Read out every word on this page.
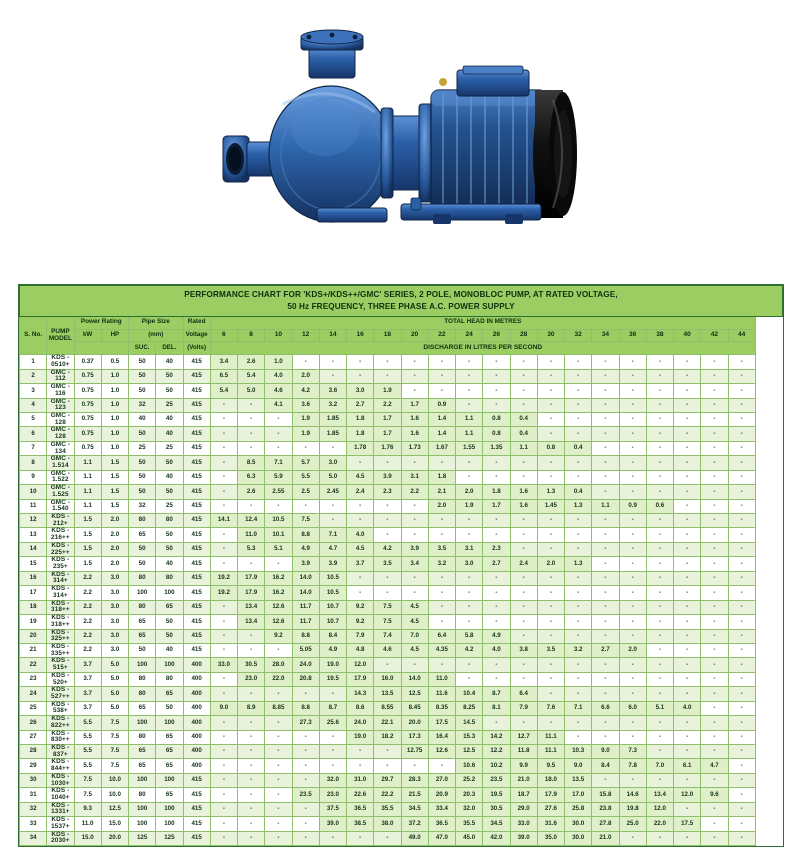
PERFORMANCE CHART FOR 'KDS+/KDS++/GMC' SERIES, 2 POLE, MONOBLOC PUMP, AT RATED VOLTAGE,
50 Hz FREQUENCY, THREE PHASE A.C. POWER SUPPLY																										
S. No.	PUMP MODEL	Power Rating		Pipe Size		Rated	TOTAL HEAD IN METRES																			
		kW	HP	(mm)		Voltage	6	8	10	12	14	16	18	20	22	24	26	28	30	32	34	36	38	40	42	44
				SUC.	DEL.	(Volts)	DISCHARGE IN LITRES PER SECOND																			
1	KDS - 0510+	0.37	0.5	50	40	415	3.4	2.6	1.0	-	-	-	-	-	-	-	-	-	-	-	-	-	-	-	-	-
2	GMC - 112	0.75	1.0	50	50	415	6.5	5.4	4.0	2.0	-	-	-	-	-	-	-	-	-	-	-	-	-	-	-	-
3	GMC - 116	0.75	1.0	50	50	415	5.4	5.0	4.6	4.2	3.6	3.0	1.9	-	-	-	-	-	-	-	-	-	-	-	-	-
4	GMC - 123	0.75	1.0	32	25	415	-	-	4.1	3.6	3.2	2.7	2.2	1.7	0.9	-	-	-	-	-	-	-	-	-	-	-
5	GMC - 128	0.75	1.0	40	40	415	-	-	-	1.9	1.85	1.8	1.7	1.6	1.4	1.1	0.8	0.4	-	-	-	-	-	-	-	-
6	GMC - 128	0.75	1.0	50	40	415	-	-	-	1.9	1.85	1.8	1.7	1.6	1.4	1.1	0.8	0.4	-	-	-	-	-	-	-	-
7	GMC - 134	0.75	1.0	25	25	415	-	-	-	-	-	1.78	1.76	1.73	1.67	1.55	1.35	1.1	0.8	0.4	-	-	-	-	-	-
8	GMC - 1.514	1.1	1.5	50	50	415	-	8.5	7.1	5.7	3.0	-	-	-	-	-	-	-	-	-	-	-	-	-	-	-
9	GMC - 1.522	1.1	1.5	50	40	415	-	6.3	5.9	5.5	5.0	4.5	3.9	3.1	1.8	-	-	-	-	-	-	-	-	-	-	-
10	GMC - 1.525	1.1	1.5	50	50	415	-	2.6	2.55	2.5	2.45	2.4	2.3	2.2	2.1	2.0	1.8	1.6	1.3	0.4	-	-	-	-	-	-
11	GMC - 1.540	1.1	1.5	32	25	415	-	-	-	-	-	-	-	-	2.0	1.9	1.7	1.6	1.45	1.3	1.1	0.9	0.6	-	-	-
12	KDS - 212+	1.5	2.0	80	80	415	14.1	12.4	10.5	7.5	-	-	-	-	-	-	-	-	-	-	-	-	-	-	-	-
13	KDS - 216++	1.5	2.0	65	50	415	-	11.0	10.1	8.8	7.1	4.0	-	-	-	-	-	-	-	-	-	-	-	-	-	-
14	KDS - 225++	1.5	2.0	50	50	415	-	5.3	5.1	4.9	4.7	4.5	4.2	3.9	3.5	3.1	2.3	-	-	-	-	-	-	-	-	-
15	KDS - 235+	1.5	2.0	50	40	415	-	-	-	3.9	3.9	3.7	3.5	3.4	3.2	3.0	2.7	2.4	2.0	1.3	-	-	-	-	-	-
16	KDS - 314+	2.2	3.0	80	80	415	19.2	17.9	16.2	14.0	10.5	-	-	-	-	-	-	-	-	-	-	-	-	-	-	-
17	KDS - 314+	2.2	3.0	100	100	415	19.2	17.9	16.2	14.0	10.5	-	-	-	-	-	-	-	-	-	-	-	-	-	-	-
18	KDS - 318++	2.2	3.0	80	65	415	-	13.4	12.6	11.7	10.7	9.2	7.5	4.5	-	-	-	-	-	-	-	-	-	-	-	-
19	KDS - 318++	2.2	3.0	65	50	415	-	13.4	12.6	11.7	10.7	9.2	7.5	4.5	-	-	-	-	-	-	-	-	-	-	-	-
20	KDS - 325++	2.2	3.0	65	50	415	-	-	9.2	8.8	8.4	7.9	7.4	7.0	6.4	5.8	4.9	-	-	-	-	-	-	-	-	-
21	KDS - 335++	2.2	3.0	50	40	415	-	-	-	5.05	4.9	4.8	4.6	4.5	4.35	4.2	4.0	3.8	3.5	3.2	2.7	2.0	-	-	-	-
22	KDS - 515+	3.7	5.0	100	100	400	33.0	30.5	28.0	24.0	19.0	12.0	-	-	-	-	-	-	-	-	-	-	-	-	-	-
23	KDS - 520+	3.7	5.0	80	80	400	-	23.0	22.0	20.8	19.5	17.9	16.0	14.0	11.0	-	-	-	-	-	-	-	-	-	-	-
24	KDS - 527++	3.7	5.0	80	65	400	-	-	-	-	-	14.3	13.5	12.5	11.6	10.4	8.7	6.4	-	-	-	-	-	-	-	-
25	KDS - 538+	3.7	5.0	65	50	400	9.0	8.9	8.85	8.8	8.7	8.6	8.55	8.45	8.35	8.25	8.1	7.9	7.6	7.1	6.6	6.0	5.1	4.0	-	-
26	KDS - 822++	5.5	7.5	100	100	400	-	-	-	27.3	25.6	24.0	22.1	20.0	17.5	14.5	-	-	-	-	-	-	-	-	-	-
27	KDS - 830++	5.5	7.5	80	65	400	-	-	-	-	-	19.0	18.2	17.3	16.4	15.3	14.2	12.7	11.1	-	-	-	-	-	-	-
28	KDS - 837+	5.5	7.5	65	65	400	-	-	-	-	-	-	-	12.75	12.6	12.5	12.2	11.8	11.1	10.3	9.0	7.3	-	-	-	-
29	KDS - 844++	5.5	7.5	65	65	400	-	-	-	-	-	-	-	-	-	10.6	10.2	9.9	9.5	9.0	8.4	7.8	7.0	6.1	4.7	-
30	KDS - 1030+	7.5	10.0	100	100	415	-	-	-	-	32.0	31.0	29.7	28.3	27.0	25.2	23.5	21.0	18.0	13.5	-	-	-	-	-	-
31	KDS - 1040+	7.5	10.0	80	65	415	-	-	-	23.5	23.0	22.6	22.2	21.5	20.9	20.3	19.5	18.7	17.9	17.0	15.8	14.6	13.4	12.0	9.6	-
32	KDS - 1331+	9.3	12.5	100	100	415	-	-	-	-	37.5	36.5	35.5	34.5	33.4	32.0	30.5	29.0	27.6	25.8	23.8	19.8	12.0	-	-	-
33	KDS - 1537+	11.0	15.0	100	100	415	-	-	-	-	39.0	38.5	38.0	37.2	36.5	35.5	34.5	33.0	31.6	30.0	27.8	25.0	22.0	17.5	-	-
34	KDS - 2030+	15.0	20.0	125	125	415	-	-	-	-	-	-	-	49.0	47.0	45.0	42.0	39.0	35.0	30.0	21.0	-	-	-	-	-
